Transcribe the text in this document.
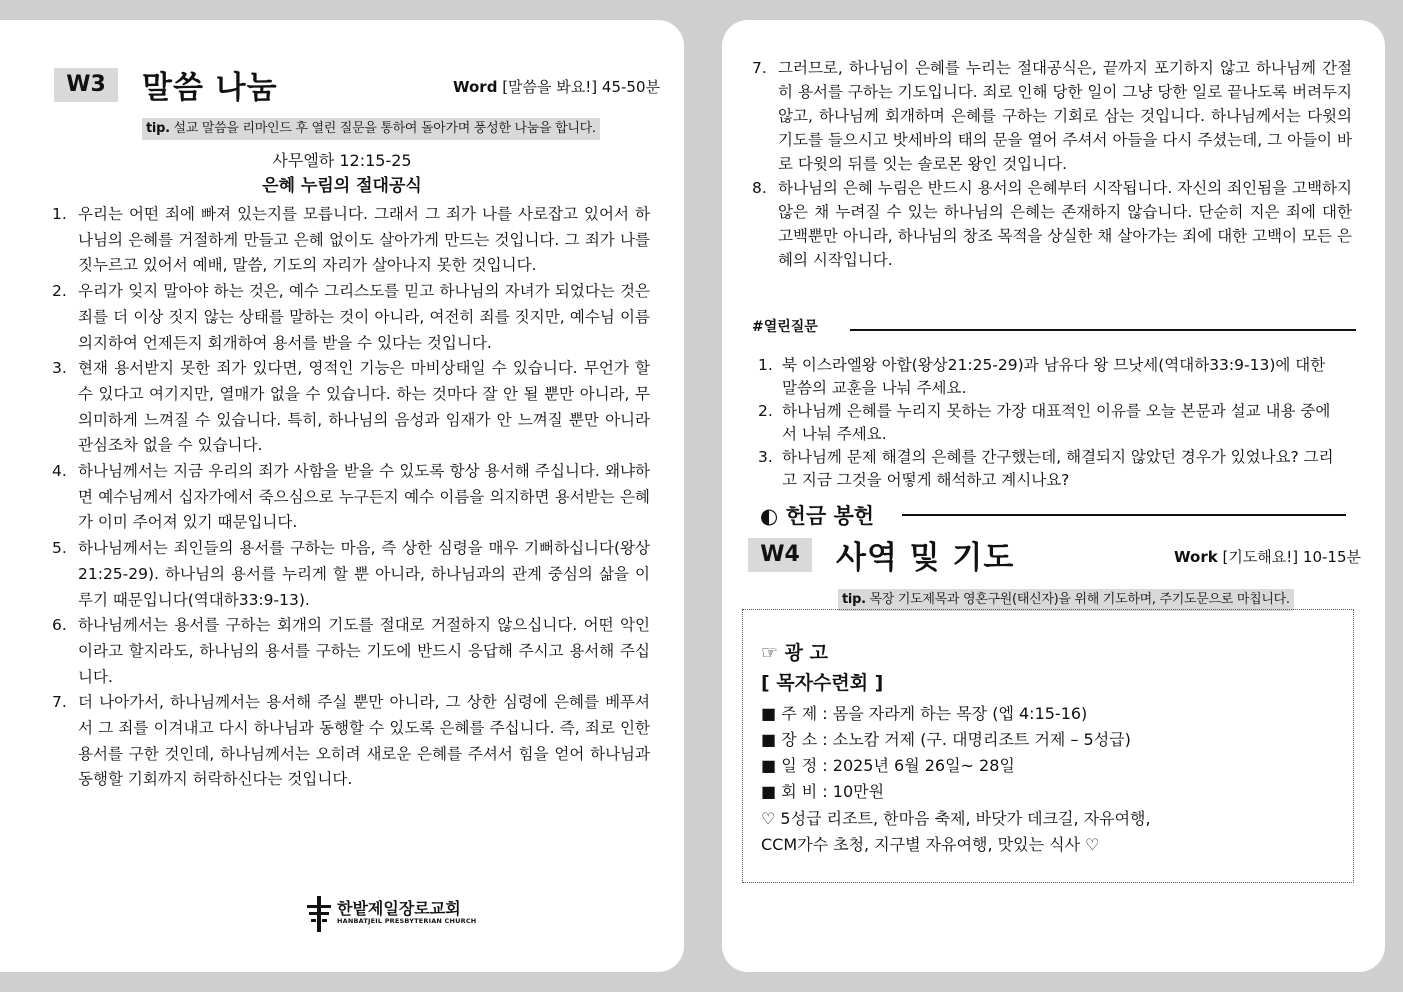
W3	말씀 나눔	Word [말씀을 봐요!] 45-50분
tip. 설교 말씀을 리마인드 후 열린 질문을 통하여 돌아가며 풍성한 나눔을 합니다.
사무엘하 12:15-25
은혜 누림의 절대공식
1. 우리는 어떤 죄에 빠져 있는지를 모릅니다. 그래서 그 죄가 나를 사로잡고 있어서 하나님의 은혜를 거절하게 만들고 은혜 없이도 살아가게 만드는 것입니다. 그 죄가 나를 짓누르고 있어서 예배, 말씀, 기도의 자리가 살아나지 못한 것입니다.
2. 우리가 잊지 말아야 하는 것은, 예수 그리스도를 믿고 하나님의 자녀가 되었다는 것은 죄를 더 이상 짓지 않는 상태를 말하는 것이 아니라, 여전히 죄를 짓지만, 예수님 이름 의지하여 언제든지 회개하여 용서를 받을 수 있다는 것입니다.
3. 현재 용서받지 못한 죄가 있다면, 영적인 기능은 마비상태일 수 있습니다. 무언가 할 수 있다고 여기지만, 열매가 없을 수 있습니다. 하는 것마다 잘 안 될 뿐만 아니라, 무의미하게 느껴질 수 있습니다. 특히, 하나님의 음성과 임재가 안 느껴질 뿐만 아니라 관심조차 없을 수 있습니다.
4. 하나님께서는 지금 우리의 죄가 사함을 받을 수 있도록 항상 용서해 주십니다. 왜냐하면 예수님께서 십자가에서 죽으심으로 누구든지 예수 이름을 의지하면 용서받는 은혜가 이미 주어져 있기 때문입니다.
5. 하나님께서는 죄인들의 용서를 구하는 마음, 즉 상한 심령을 매우 기뻐하십니다(왕상21:25-29). 하나님의 용서를 누리게 할 뿐 아니라, 하나님과의 관계 중심의 삶을 이루기 때문입니다(역대하33:9-13).
6. 하나님께서는 용서를 구하는 회개의 기도를 절대로 거절하지 않으십니다. 어떤 악인이라고 할지라도, 하나님의 용서를 구하는 기도에 반드시 응답해 주시고 용서해 주십니다.
7. 더 나아가서, 하나님께서는 용서해 주실 뿐만 아니라, 그 상한 심령에 은혜를 베푸셔서 그 죄를 이겨내고 다시 하나님과 동행할 수 있도록 은혜를 주십니다. 즉, 죄로 인한 용서를 구한 것인데, 하나님께서는 오히려 새로운 은혜를 주셔서 힘을 얻어 하나님과 동행할 기회까지 허락하신다는 것입니다.
한밭제일장로교회
HANBATJEIL PRESBYTERIAN CHURCH
7. 그러므로, 하나님이 은혜를 누리는 절대공식은, 끝까지 포기하지 않고 하나님께 간절히 용서를 구하는 기도입니다. 죄로 인해 당한 일이 그냥 당한 일로 끝나도록 버려두지 않고, 하나님께 회개하며 은혜를 구하는 기회로 삼는 것입니다. 하나님께서는 다윗의 기도를 들으시고 밧세바의 태의 문을 열어 주셔서 아들을 다시 주셨는데, 그 아들이 바로 다윗의 뒤를 잇는 솔로몬 왕인 것입니다.
8. 하나님의 은혜 누림은 반드시 용서의 은혜부터 시작됩니다. 자신의 죄인됨을 고백하지 않은 채 누려질 수 있는 하나님의 은혜는 존재하지 않습니다. 단순히 지은 죄에 대한 고백뿐만 아니라, 하나님의 창조 목적을 상실한 채 살아가는 죄에 대한 고백이 모든 은혜의 시작입니다.
#열린질문
1. 북 이스라엘왕 아합(왕상21:25-29)과 남유다 왕 므낫세(역대하33:9-13)에 대한 말씀의 교훈을 나눠 주세요.
2. 하나님께 은혜를 누리지 못하는 가장 대표적인 이유를 오늘 본문과 설교 내용 중에서 나눠 주세요.
3. 하나님께 문제 해결의 은혜를 간구했는데, 해결되지 않았던 경우가 있었나요? 그리고 지금 그것을 어떻게 해석하고 계시나요?
◐ 헌금 봉헌
W4	사역 및 기도	Work [기도해요!] 10-15분
tip. 목장 기도제목과 영혼구원(태신자)을 위해 기도하며, 주기도문으로 마칩니다.
☞ 광 고
[ 목자수련회 ]
■ 주 제 : 몸을 자라게 하는 목장 (엡 4:15-16)
■ 장 소 : 소노캄 거제 (구. 대명리조트 거제 – 5성급)
■ 일 정 : 2025년 6월 26일~ 28일
■ 회 비 : 10만원
♡ 5성급 리조트, 한마음 축제, 바닷가 데크길, 자유여행,
CCM가수 초청, 지구별 자유여행, 맛있는 식사 ♡
